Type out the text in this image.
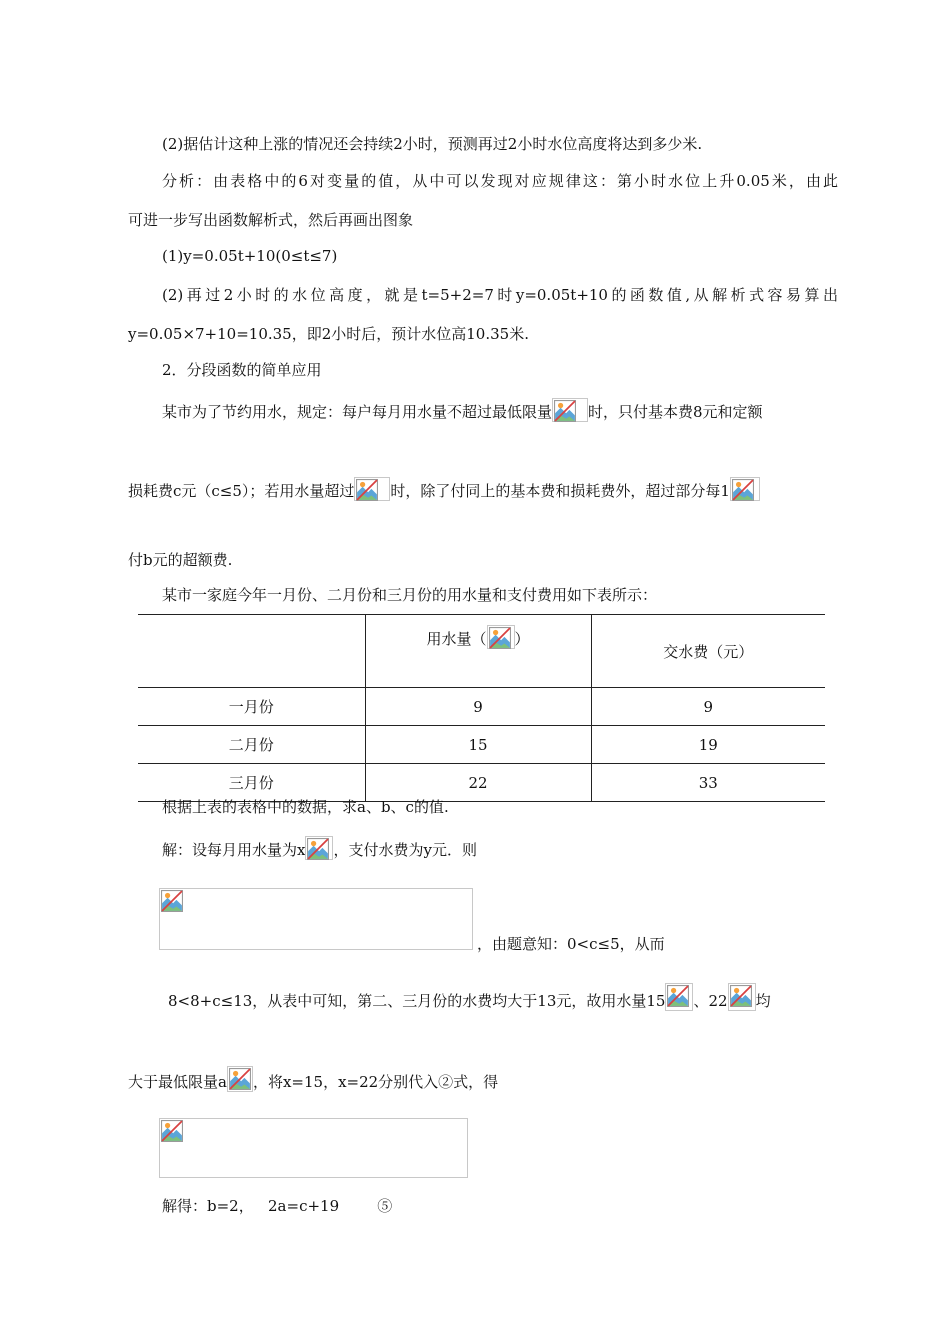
(2)据估计这种上涨的情况还会持续2小时，预测再过2小时水位高度将达到多少米.
分析：由表格中的6对变量的值，从中可以发现对应规律这：第小时水位上升0.05米，由此
可进一步写出函数解析式，然后再画出图象
(1)y=0.05t+10(0≤t≤7)
(2)再过2小时的水位高度，就是t=5+2=7时y=0.05t+10的函数值,从解析式容易算出
y=0.05×7+10=10.35，即2小时后，预计水位高10.35米.
2．分段函数的简单应用
某市为了节约用水，规定：每户每月用水量不超过最低限量 时，只付基本费8元和定额
损耗费c元（c≤5）；若用水量超过 时，除了付同上的基本费和损耗费外，超过部分每1
付b元的超额费.
某市一家庭今年一月份、二月份和三月份的用水量和支付费用如下表所示：
	用水量（ ）	交水费（元）
一月份	9	9
二月份	15	19
三月份	22	33
根据上表的表格中的数据，求a、b、c的值.
解：设每月用水量为x ，支付水费为y元．则
，由题意知：0<c≤5，从而
8<8+c≤13，从表中可知，第二、三月份的水费均大于13元，故用水量15 、22 均
大于最低限量a ，将x=15，x=22分别代入②式，得
解得：b=2，   2a=c+19        ⑤
